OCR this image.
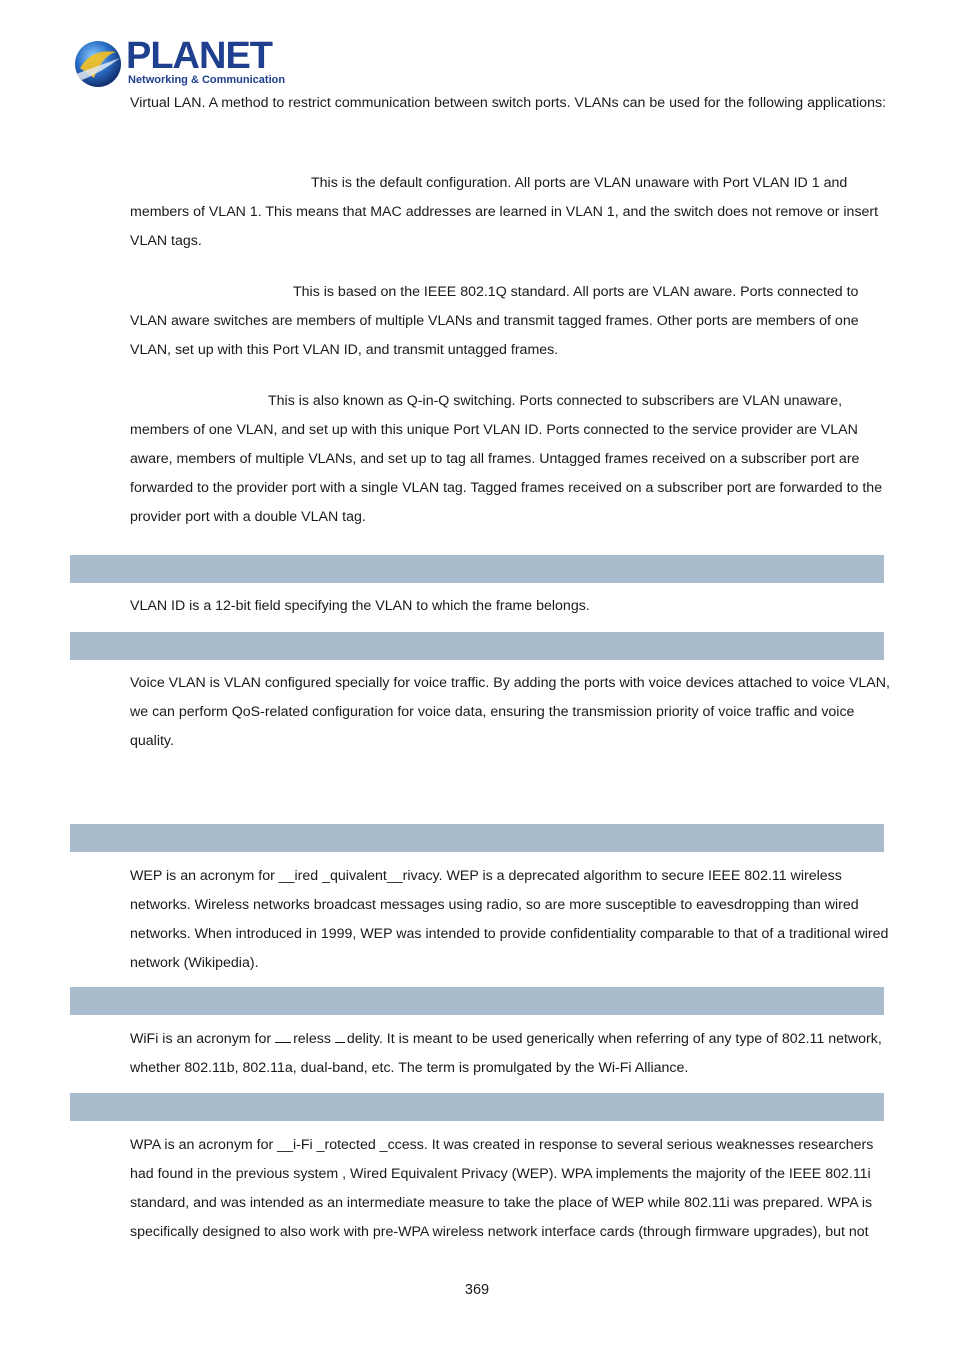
PLANET
Networking & Communication

Virtual LAN. A method to restrict communication between switch ports. VLANs can be used for the following applications:

This is the default configuration. All ports are VLAN unaware with Port VLAN ID 1 and members of VLAN 1. This means that MAC addresses are learned in VLAN 1, and the switch does not remove or insert VLAN tags.

This is based on the IEEE 802.1Q standard. All ports are VLAN aware. Ports connected to VLAN aware switches are members of multiple VLANs and transmit tagged frames. Other ports are members of one VLAN, set up with this Port VLAN ID, and transmit untagged frames.

This is also known as Q-in-Q switching. Ports connected to subscribers are VLAN unaware, members of one VLAN, and set up with this unique Port VLAN ID. Ports connected to the service provider are VLAN aware, members of multiple VLANs, and set up to tag all frames. Untagged frames received on a subscriber port are forwarded to the provider port with a single VLAN tag. Tagged frames received on a subscriber port are forwarded to the provider port with a double VLAN tag.

VLAN ID is a 12-bit field specifying the VLAN to which the frame belongs.

Voice VLAN is VLAN configured specially for voice traffic. By adding the ports with voice devices attached to voice VLAN, we can perform QoS-related configuration for voice data, ensuring the transmission priority of voice traffic and voice quality.

WEP is an acronym for __ired _quivalent__rivacy. WEP is a deprecated algorithm to secure IEEE 802.11 wireless networks. Wireless networks broadcast messages using radio, so are more susceptible to eavesdropping than wired networks. When introduced in 1999, WEP was intended to provide confidentiality comparable to that of a traditional wired network (Wikipedia).

WiFi is an acronym for reless delity. It is meant to be used generically when referring of any type of 802.11 network, whether 802.11b, 802.11a, dual-band, etc. The term is promulgated by the Wi-Fi Alliance.

WPA is an acronym for __i-Fi _rotected _ccess. It was created in response to several serious weaknesses researchers had found in the previous system , Wired Equivalent Privacy (WEP). WPA implements the majority of the IEEE 802.11i standard, and was intended as an intermediate measure to take the place of WEP while 802.11i was prepared. WPA is specifically designed to also work with pre-WPA wireless network interface cards (through firmware upgrades), but not

369
